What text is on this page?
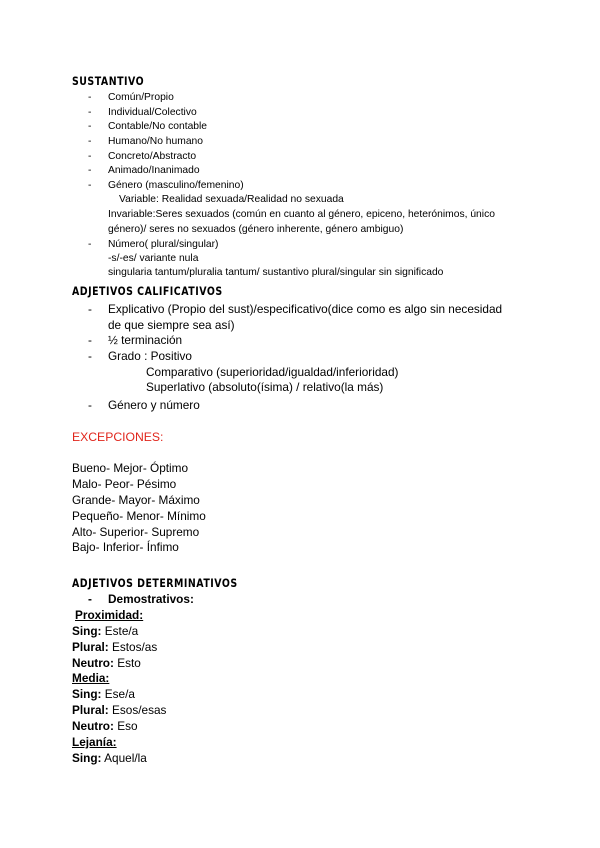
SUSTANTIVO
- Común/Propio
- Individual/Colectivo
- Contable/No contable
- Humano/No humano
- Concreto/Abstracto
- Animado/Inanimado
- Género (masculino/femenino)
Variable: Realidad sexuada/Realidad no sexuada
Invariable:Seres sexuados (común en cuanto al género, epiceno, heterónimos, único
género)/ seres no sexuados (género inherente, género ambiguo)
- Número( plural/singular)
-s/-es/ variante nula
singularia tantum/pluralia tantum/ sustantivo plural/singular sin significado
ADJETIVOS CALIFICATIVOS
- Explicativo (Propio del sust)/especificativo(dice como es algo sin necesidad
de que siempre sea así)
- ½ terminación
- Grado : Positivo
Comparativo (superioridad/igualdad/inferioridad)
Superlativo (absoluto(ísima) / relativo(la más)
- Género y número
EXCEPCIONES:
Bueno- Mejor- Óptimo
Malo- Peor- Pésimo
Grande- Mayor- Máximo
Pequeño- Menor- Mínimo
Alto- Superior- Supremo
Bajo- Inferior- Ínfimo
ADJETIVOS DETERMINATIVOS
- Demostrativos:
Proximidad:
Sing: Este/a
Plural: Estos/as
Neutro: Esto
Media:
Sing: Ese/a
Plural: Esos/esas
Neutro: Eso
Lejanía:
Sing: Aquel/la
